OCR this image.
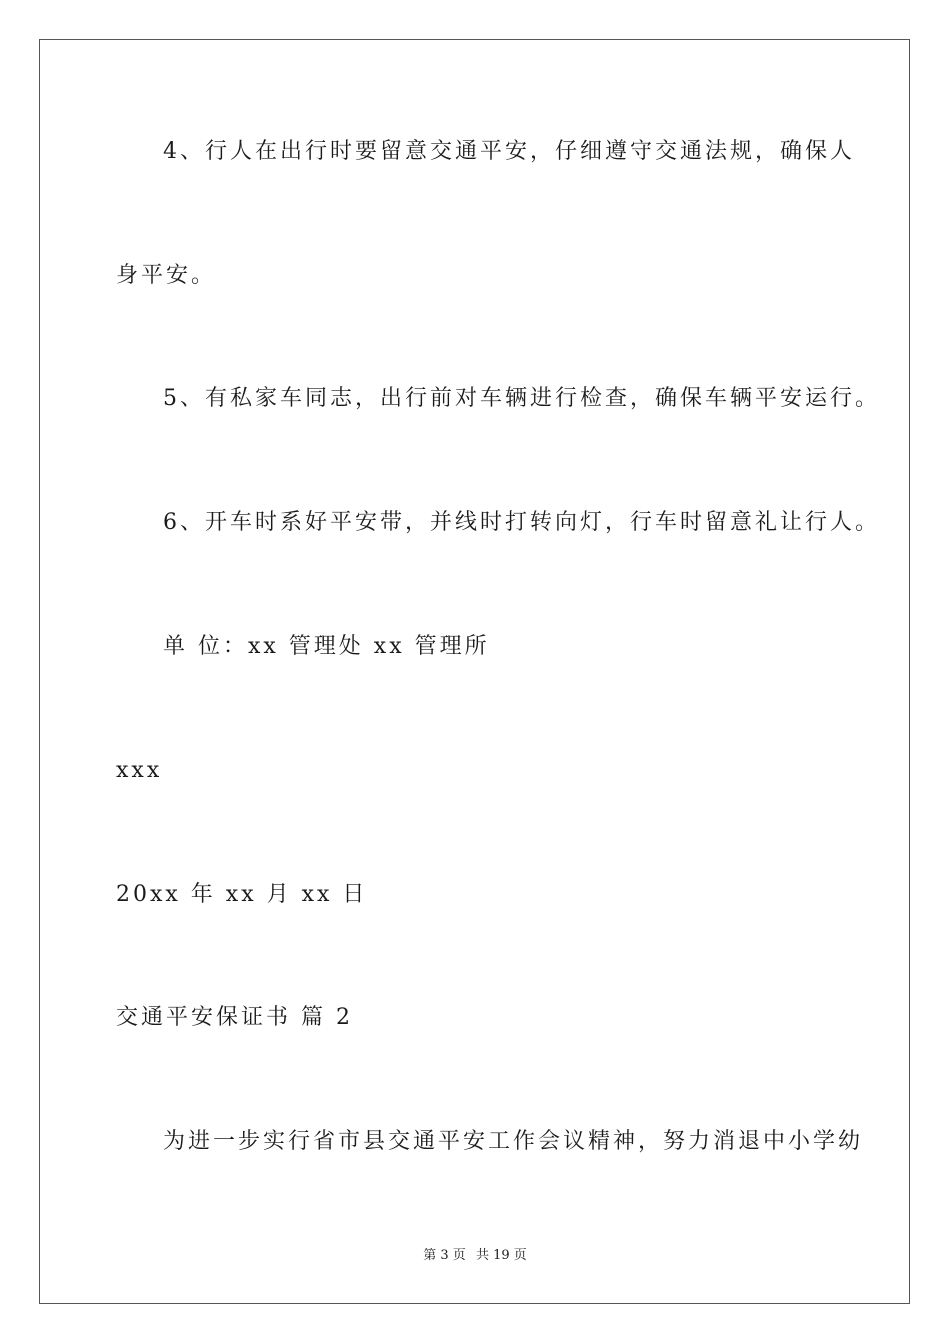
4、行人在出行时要留意交通平安，仔细遵守交通法规，确保人
身平安。
5、有私家车同志，出行前对车辆进行检查，确保车辆平安运行。
6、开车时系好平安带，并线时打转向灯，行车时留意礼让行人。
单 位：xx 管理处 xx 管理所
xxx
20xx 年 xx 月 xx 日
交通平安保证书 篇 2
为进一步实行省市县交通平安工作会议精神，努力消退中小学幼
第 3 页 共 19 页
